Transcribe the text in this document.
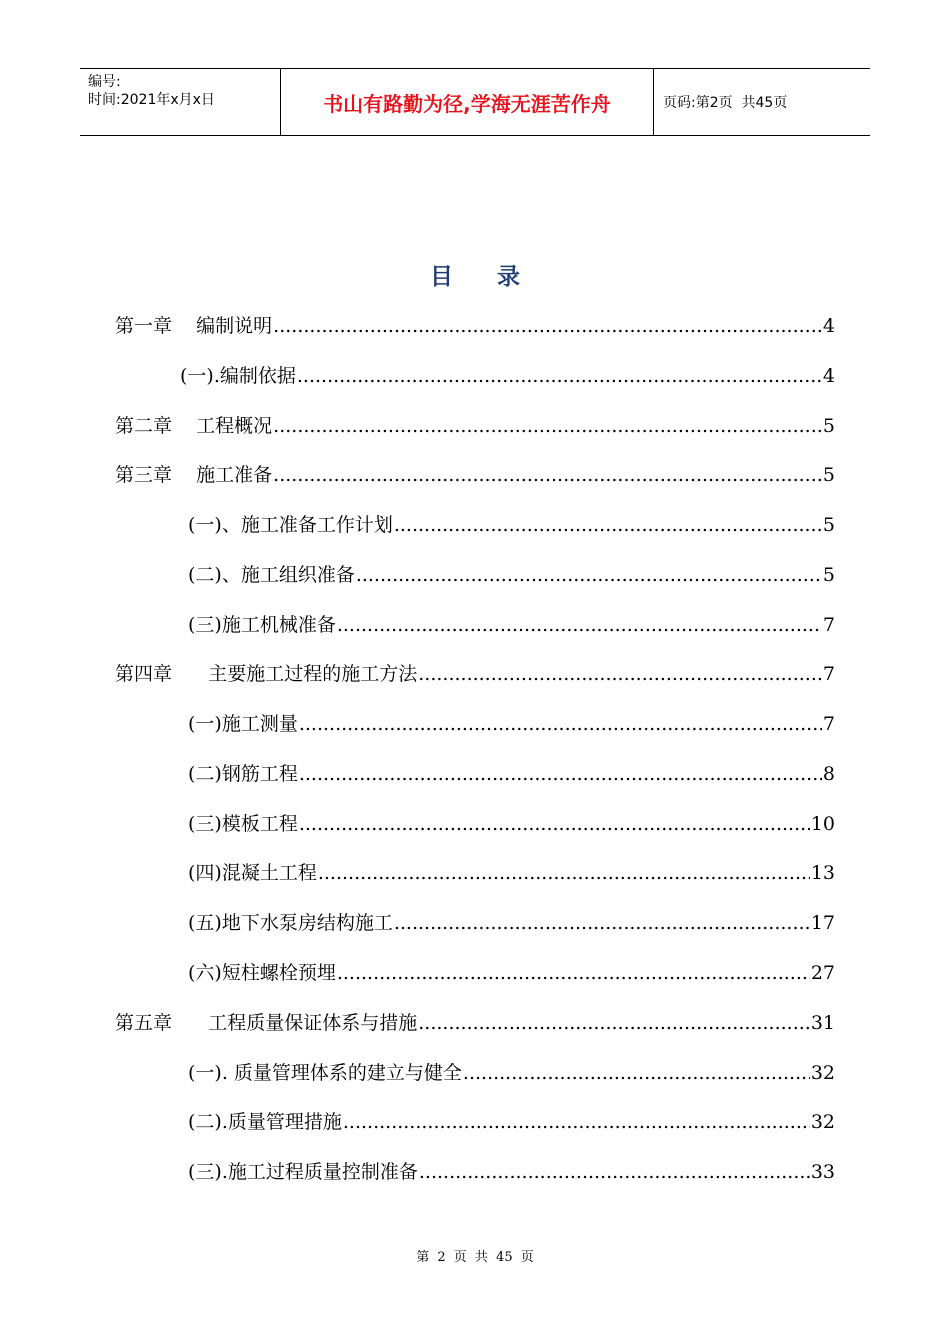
编号:
时间:2021年x月x日	书山有路勤为径,学海无涯苦作舟	页码:第2页  共45页
目 录
第一章    编制说明 .....	4
(一).编制依据 .....	4
第二章    工程概况 .....	5
第三章    施工准备 .....	5
(一)、施工准备工作计划 .....	5
(二)、施工组织准备 .....	5
(三)施工机械准备 .....	7
第四章      主要施工过程的施工方法 .....	7
(一)施工测量 .....	7
(二)钢筋工程 .....	8
(三)模板工程 .....	10
(四)混凝土工程 .....	13
(五)地下水泵房结构施工 .....	17
(六)短柱螺栓预埋 .....	27
第五章      工程质量保证体系与措施 .....	31
(一). 质量管理体系的建立与健全 .....	32
(二).质量管理措施 .....	32
(三).施工过程质量控制准备 .....	33
第 2 页 共 45 页
